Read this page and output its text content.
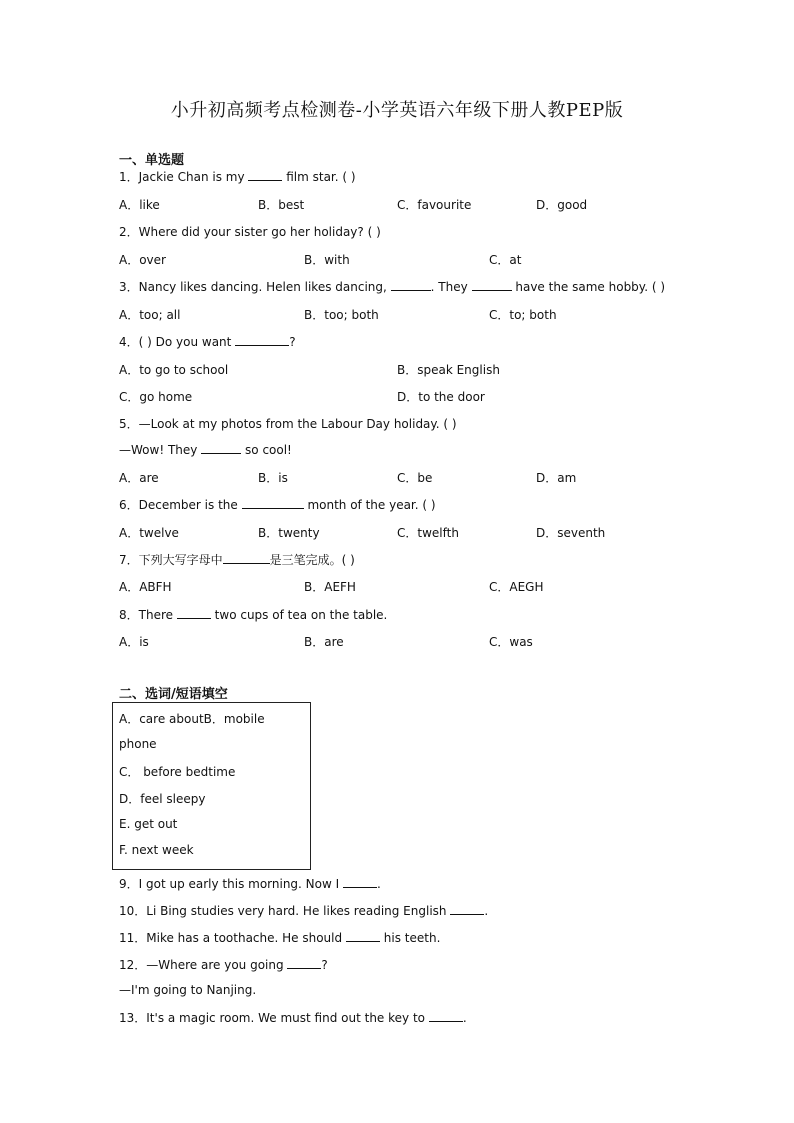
小升初高频考点检测卷-小学英语六年级下册人教PEP版
一、单选题
1．Jackie Chan is my	film star. ( )
A．like	B．best	C．favourite	D．good
2．Where did your sister go her holiday? ( )
A．over	B．with	C．at
3．Nancy likes dancing. Helen likes dancing,	. They	have the same hobby. ( )
A．too; all	B．too; both	C．to; both
4．( ) Do you want	?
A．to go to school	B．speak English
C．go home	D．to the door
5．—Look at my photos from the Labour Day holiday. ( )
—Wow! They	so cool!
A．are	B．is	C．be	D．am
6．December is the	month of the year. ( )
A．twelve	B．twenty	C．twelfth	D．seventh
7．下列大写字母中	是三笔完成。( )
A．ABFH	B．AEFH	C．AEGH
8．There	two cups of tea on the table.
A．is	B．are	C．was
二、选词/短语填空
A．care aboutB．mobile
phone
C． before bedtime
D．feel sleepy
E. get out
F. next week
9．I got up early this morning. Now I	.
10．Li Bing studies very hard. He likes reading English	.
11．Mike has a toothache. He should	his teeth.
12．—Where are you going	?
—I'm going to Nanjing.
13．It's a magic room. We must find out the key to	.
